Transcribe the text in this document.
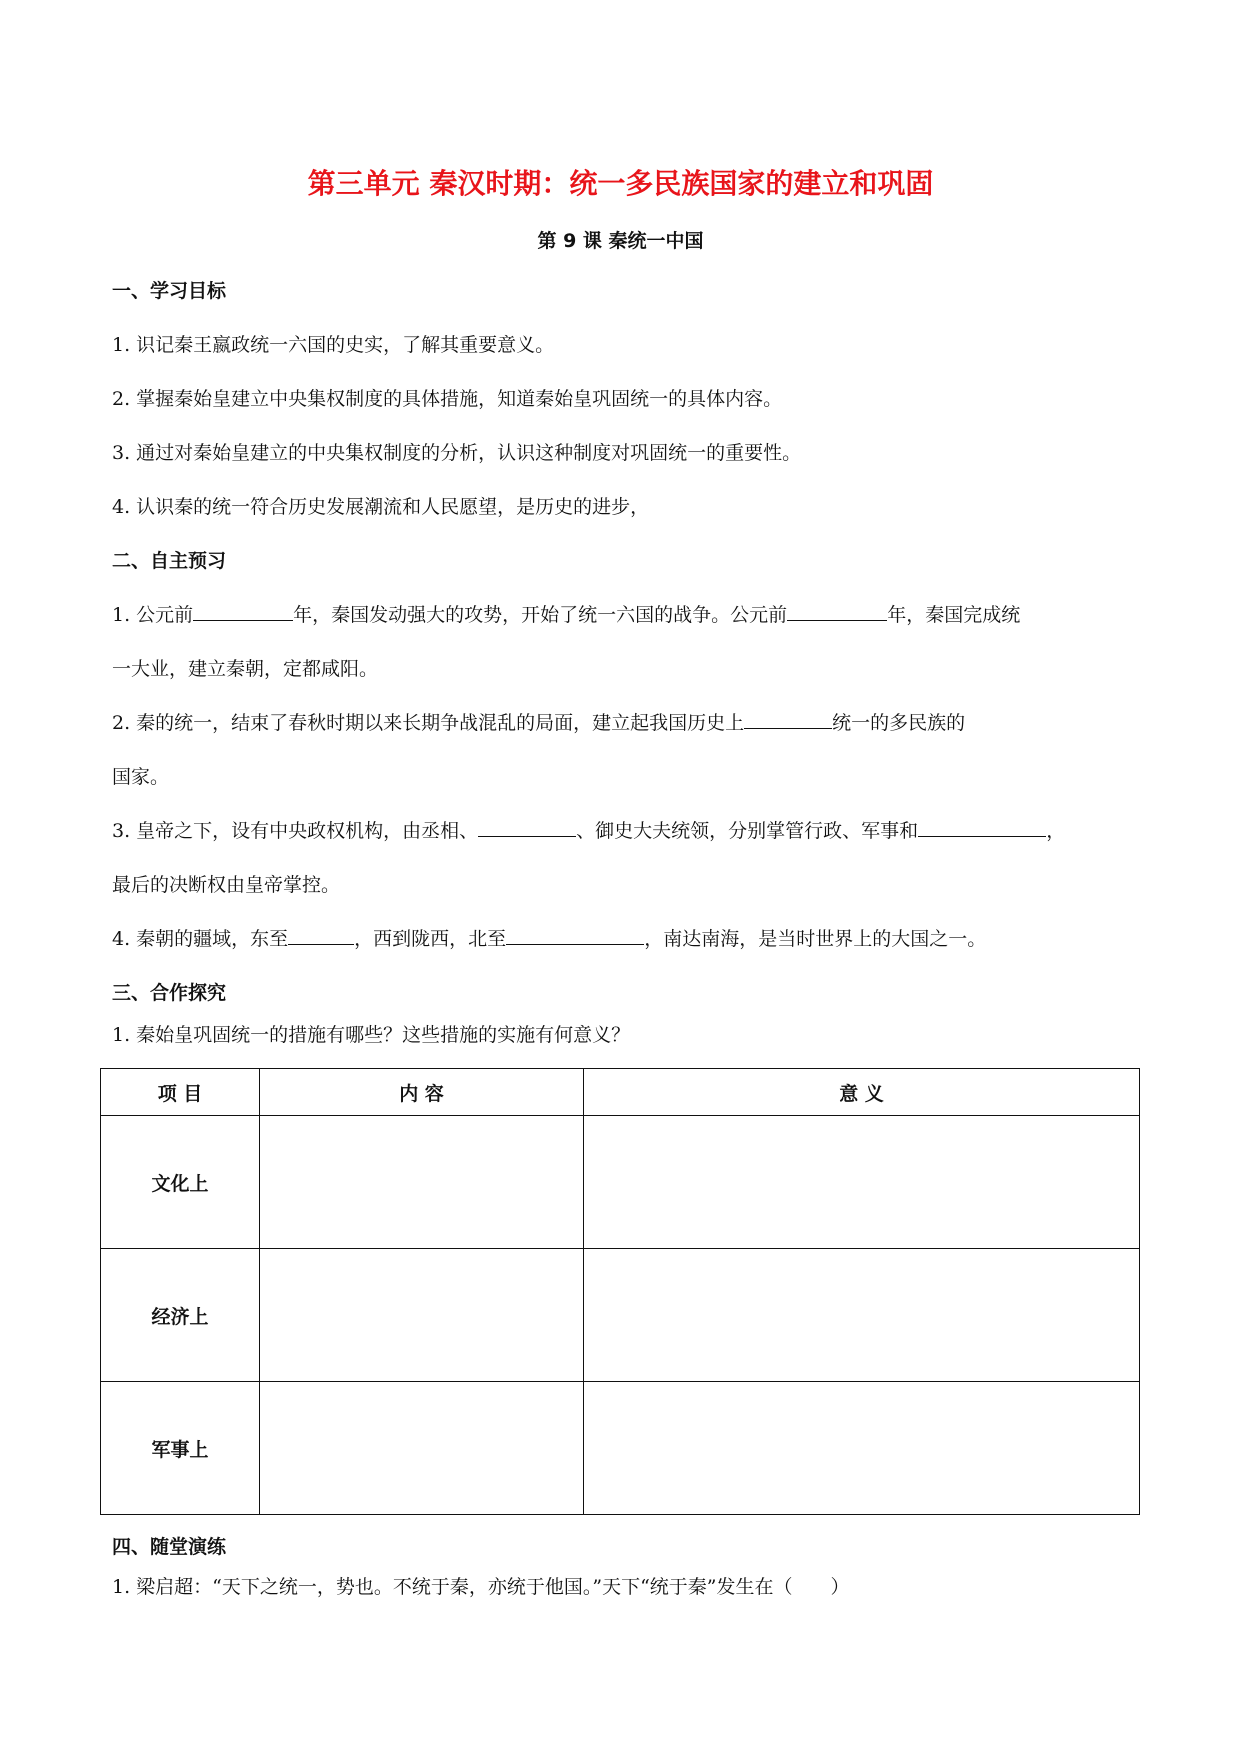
第三单元 秦汉时期：统一多民族国家的建立和巩固
第 9 课 秦统一中国
一、学习目标
1. 识记秦王嬴政统一六国的史实，了解其重要意义。
2. 掌握秦始皇建立中央集权制度的具体措施，知道秦始皇巩固统一的具体内容。
3. 通过对秦始皇建立的中央集权制度的分析，认识这种制度对巩固统一的重要性。
4. 认识秦的统一符合历史发展潮流和人民愿望，是历史的进步，
二、自主预习
1. 公元前	年，秦国发动强大的攻势，开始了统一六国的战争。公元前	年，秦国完成统
一大业，建立秦朝，定都咸阳。
2. 秦的统一，结束了春秋时期以来长期争战混乱的局面，建立起我国历史上	统一的多民族的
国家。
3. 皇帝之下，设有中央政权机构，由丞相、	、御史大夫统领，分别掌管行政、军事和	，
最后的决断权由皇帝掌控。
4. 秦朝的疆域，东至	，西到陇西，北至	，南达南海，是当时世界上的大国之一。
三、合作探究
1. 秦始皇巩固统一的措施有哪些？这些措施的实施有何意义？
项 目	内 容	意 义
文化上		
经济上		
军事上		
四、随堂演练
1. 梁启超：“天下之统一，势也。不统于秦，亦统于他国。”天下“统于秦”发生在（　　）
